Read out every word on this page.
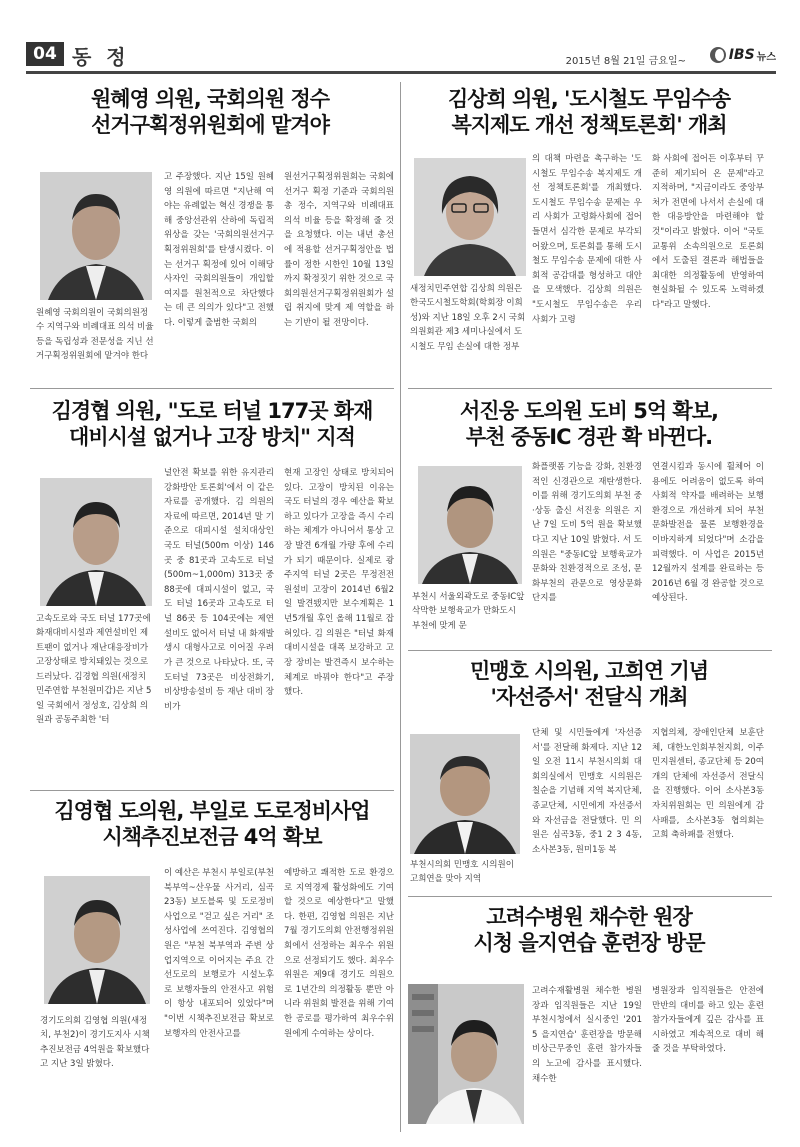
04 동 정	2015년 8월 21일 금요일~	IBS 뉴스
원혜영 의원, 국회의원 정수
선거구획정위원회에 맡겨야
원혜영 국회의원이 국회의원정수 지역구와 비례대표 의석 비율 등을 독립성과 전문성을 지닌 선거구획정위원회에 맡겨야 한다
고 주장했다. 지난 15일 원혜영 의원에 따르면 "지난해 여야는 유례없는 혁신 경쟁을 통해 중앙선관위 산하에 독립적 위상을 갖는 '국회의원선거구획정위원회'를 탄생시켰다. 이는 선거구 획정에 있어 이해당사자인 국회의원들이 개입할 여지를 원천적으로 차단했다는 데 큰 의의가 있다"고 전했다. 이렇게 출범한 국회의
원선거구획정위원회는 국회에 선거구 획정 기준과 국회의원 총 정수, 지역구와 비례대표 의석 비율 등을 확정해 줄 것을 요청했다. 이는 내년 총선에 적용할 선거구획정안을 법률이 정한 시한인 10월 13일까지 확정짓기 위한 것으로 국회의원선거구획정위원회가 설립 취지에 맞게 제 역할을 하는 기반이 될 전망이다.
김상희 의원, '도시철도 무임수송
복지제도 개선 정책토론회' 개최
새정치민주연합 김상희 의원은 한국도시철도학회(학회장 이희성)와 지난 18일 오후 2시 국회 의원회관 제3 세미나실에서 도시철도 무임 손실에 대한 정부
의 대책 마련을 촉구하는 '도시철도 무임수송 복지제도 개선 정책토론회'를 개최했다. 도시철도 무임수송 문제는 우리 사회가 고령화사회에 접어들면서 심각한 문제로 부각되어왔으며, 토론회를 통해 도시철도 무임수송 문제에 대한 사회적 공감대를 형성하고 대안을 모색했다. 김상희 의원은 "도시철도 무임수송은 우리 사회가 고령
화 사회에 접어든 이후부터 꾸준히 제기되어 온 문제"라고 지적하며, "지금이라도 중앙부처가 전면에 나서서 손실에 대한 대응방안을 마련해야 할 것"이라고 밝혔다. 이어 "국토교통위 소속의원으로 토론회에서 도출된 결론과 해법들을 최대한 의정활동에 반영하여 현실화될 수 있도록 노력하겠다"라고 말했다.
김경협 의원, "도로 터널 177곳 화재
대비시설 없거나 고장 방치" 지적
고속도로와 국도 터널 177곳에 화재대비시설과 제연설비인 제트팬이 없거나 재난대응장비가 고장상태로 방치돼있는 것으로 드러났다. 김경협 의원(새정치민주연합 부천원미갑)은 지난 5일 국회에서 정성호, 김상희 의원과 공동주최한 '터
널안전 확보를 위한 유지관리 강화방안 토론회'에서 이 같은 자료를 공개했다. 김 의원의 자료에 따르면, 2014년 말 기준으로 대피시설 설치대상인 국도 터널(500m 이상) 146곳 중 81곳과 고속도로 터널(500m~1,000m) 313곳 중 88곳에 대피시설이 없고, 국도 터널 16곳과 고속도로 터널 86곳 등 104곳에는 제연설비도 없어서 터널 내 화재발생시 대형사고로 이어질 우려가 큰 것으로 나타났다. 또, 국도터널 73곳은 비상전화기, 비상방송설비 등 재난 대비 장비가
현재 고장인 상태로 방치되어 있다. 고장이 방치된 이유는 국도 터널의 경우 예산을 확보하고 있다가 고장을 즉시 수리하는 체계가 아니어서 통상 고장 발견 6개월 가량 후에 수리가 되기 때문이다. 실제로 광주지역 터널 2곳은 무정전전원설비 고장이 2014년 6월2일 발견됐지만 보수계획은 1년5개월 후인 올해 11월로 잡혀있다. 김 의원은 "터널 화재 대비시설을 대폭 보강하고 고장 장비는 발견즉시 보수하는 체계로 바꿔야 한다"고 주장했다.
서진웅 도의원 도비 5억 확보,
부천 중동IC 경관 확 바뀐다.
부천시 서울외곽도로 중동IC앞 삭막한 보행육교가 만화도시 부천에 맞게 문
화플랫폼 기능을 강화, 친환경적인 신경관으로 재탄생한다. 이를 위해 경기도의회 부천 중·상동 출신 서진웅 의원은 지난 7일 도비 5억 원을 확보했다고 지난 10일 밝혔다. 서 도의원은 "중동IC앞 보행육교가 문화와 친환경적으로 조성, 문화부천의 관문으로 영상문화단지를
연결시킴과 동시에 휠체어 이용에도 어려움이 없도록 하여 사회적 약자를 배려하는 보행 환경으로 개선하게 되어 부천 문화발전을 물론 보행환경을 이바지하게 되었다"며 소감을 피력했다. 이 사업은 2015년 12월까지 설계를 완료하는 등 2016년 6월 경 완공할 것으로 예상된다.
민맹호 시의원, 고희연 기념
'자선증서' 전달식 개최
부천시의회 민맹호 시의원이 고희연을 맞아 지역
단체 및 시민들에게 '자선증서'를 전달해 화제다. 지난 12일 오전 11시 부천시의회 대회의실에서 민맹호 시의원은 칠순을 기념해 지역 복지단체, 종교단체, 시민에게 자선증서와 자선금을 전달했다. 민 의원은 심곡3동, 중1 2 3 4동, 소사본3동, 원미1동 복
지협의체, 장애인단체 보훈단체, 대한노인회부천지회, 이주민지원센터, 종교단체 등 20여개의 단체에 자선증서 전달식을 진행했다. 이어 소사본3동자치위원회는 민 의원에게 감사패를, 소사본3동 협의회는 고희 축하패를 전했다.
김영협 도의원, 부일로 도로정비사업
시책추진보전금 4억 확보
경기도의회 김영협 의원(새정치, 부천2)이 경기도지사 시책추진보전금 4억원을 확보했다고 지난 3일 밝혔다.
이 예산은 부천시 부일로(부천 북부역~산우물 사거리, 심곡23동) 보도블록 및 도로정비사업으로 "걷고 싶은 거리" 조성사업에 쓰여진다. 김영협의원은 "부천 북부역과 주변 상업지역으로 이어지는 주요 간선도로의 보행로가 시설노후로 보행자들의 안전사고 위험이 항상 내포되어 있었다"며 "이번 시책추진보전금 확보로 보행자의 안전사고를
예방하고 쾌적한 도로 환경으로 지역경제 활성화에도 기여할 것으로 예상한다"고 말했다. 한편, 김영협 의원은 지난 7월 경기도의회 안전행정위원회에서 선정하는 최우수 위원으로 선정되기도 했다. 최우수 위원은 제9대 경기도 의원으로 1년간의 의정활동 뿐만 아니라 위원회 발전을 위해 기여한 공로를 평가하여 최우수위원에게 수여하는 상이다.
고려수병원 채수한 원장
시청 을지연습 훈련장 방문
고려수재활병원 채수한 병원장과 임직원들은 지난 19일 부천시청에서 실시중인 '2015 을지연습' 훈련장을 방문해 비상근무중인 훈련 참가자들의 노고에 감사를 표시했다. 채수한
병원장과 임직원들은 안전에 만반의 대비를 하고 있는 훈련참가자들에게 깊은 감사를 표시하였고 계속적으로 대비 해줄 것을 부탁하였다.
